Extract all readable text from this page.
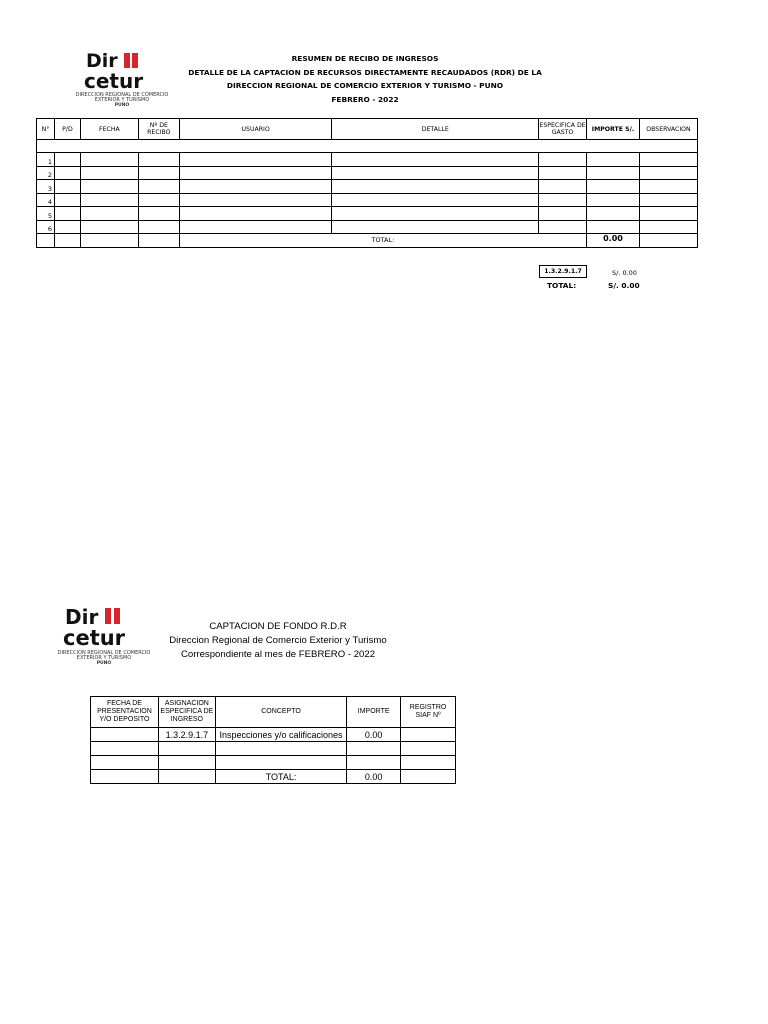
Dir
cetur
DIRECCION REGIONAL DE COMERCIO
EXTERIOR Y TURISMO
PUNO
RESUMEN DE RECIBO DE INGRESOS
DETALLE DE LA CAPTACION DE RECURSOS DIRECTAMENTE RECAUDADOS (RDR) DE LA
DIRECCION REGIONAL DE COMERCIO EXTERIOR Y TURISMO - PUNO
FEBRERO - 2022
N°	P/D	FECHA	Nº DE RECIBO	USUARIO	DETALLE	ESPECIFICA DE GASTO	IMPORTE S/.	OBSERVACION

1								
2								
3								
4								
5								
6								
				TOTAL:			0.00	
1.3.2.9.1.7	S/. 0.00
TOTAL:	S/. 0.00
Dir
cetur
DIRECCION REGIONAL DE COMERCIO
EXTERIOR Y TURISMO
PUNO
CAPTACION DE FONDO R.D.R
Direccion Regional de Comercio Exterior y Turismo
Correspondiente al mes de FEBRERO - 2022
FECHA DE PRESENTACION Y/O DEPOSITO	ASIGNACION ESPECIFICA DE INGRESO	CONCEPTO	IMPORTE	REGISTRO SIAF Nº
	1.3.2.9.1.7	Inspecciones y/o calificaciones	0.00	

		TOTAL:	0.00	
